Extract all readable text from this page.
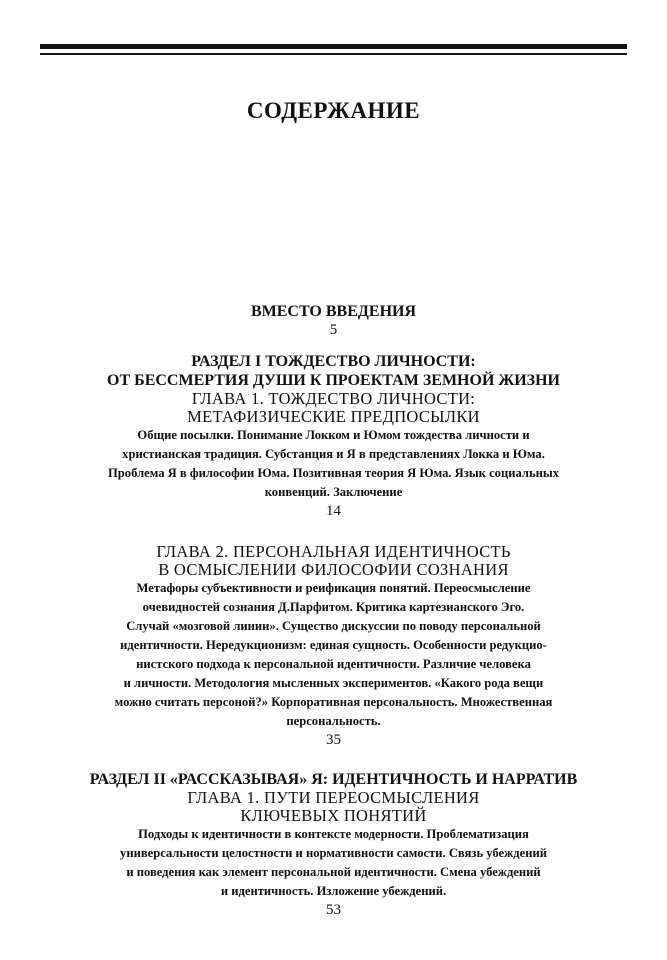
СОДЕРЖАНИЕ
ВМЕСТО ВВЕДЕНИЯ
5
РАЗДЕЛ I ТОЖДЕСТВО ЛИЧНОСТИ:
ОТ БЕССМЕРТИЯ ДУШИ К ПРОЕКТАМ ЗЕМНОЙ ЖИЗНИ
ГЛАВА 1. ТОЖДЕСТВО ЛИЧНОСТИ:
МЕТАФИЗИЧЕСКИЕ ПРЕДПОСЫЛКИ
Общие посылки. Понимание Локком и Юмом тождества личности и
христианская традиция. Субстанция и Я в представлениях Локка и Юма.
Проблема Я в философии Юма. Позитивная теория Я Юма. Язык социальных
конвенций. Заключение
14
ГЛАВА 2. ПЕРСОНАЛЬНАЯ ИДЕНТИЧНОСТЬ
В ОСМЫСЛЕНИИ ФИЛОСОФИИ СОЗНАНИЯ
Метафоры субъективности и реификация понятий. Переосмысление
очевидностей сознания Д.Парфитом. Критика картезианского Эго.
Случай «мозговой линии». Существо дискуссии по поводу персональной
идентичности. Нередукционизм: единая сущность. Особенности редукцио-
нистского подхода к персональной идентичности. Различие человека
и личности. Методология мысленных экспериментов. «Какого рода вещи
можно считать персоной?» Корпоративная персональность. Множественная
персональность.
35
РАЗДЕЛ II «РАССКАЗЫВАЯ» Я: ИДЕНТИЧНОСТЬ И НАРРАТИВ
ГЛАВА 1. ПУТИ ПЕРЕОСМЫСЛЕНИЯ
КЛЮЧЕВЫХ ПОНЯТИЙ
Подходы к идентичности в контексте модерности. Проблематизация
универсальности целостности и нормативности самости. Связь убеждений
и поведения как элемент персональной идентичности. Смена убеждений
и идентичность. Изложение убеждений.
53
